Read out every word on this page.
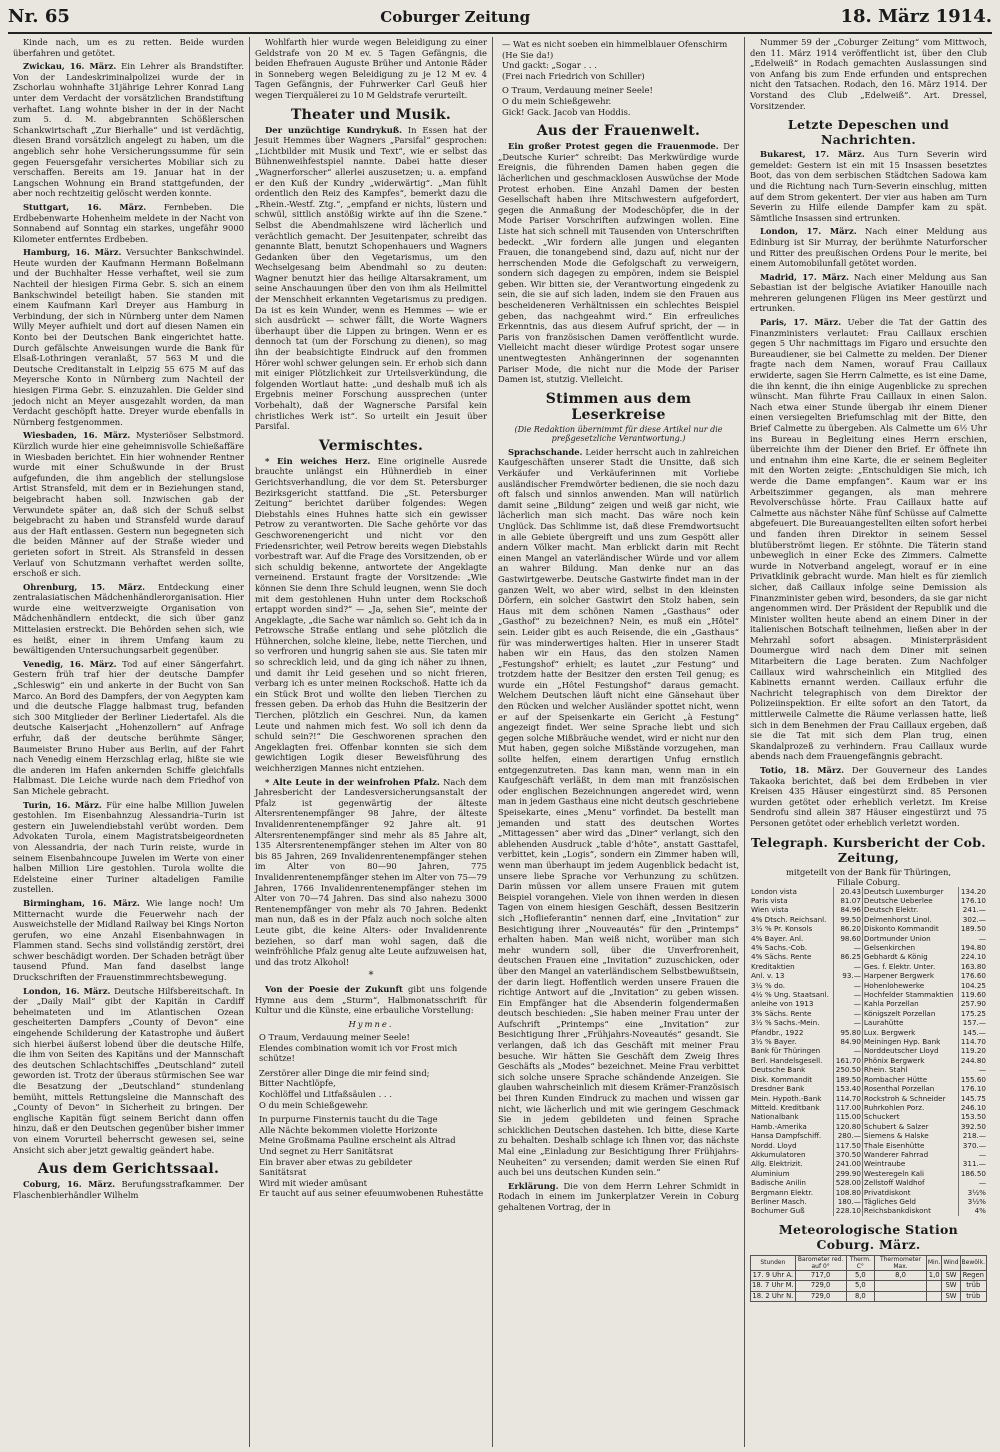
Nr. 65	Coburger Zeitung	18. März 1914.

Kinde nach, um es zu retten. Beide wurden überfahren und getötet.

Zwickau, 16. März. Ein Lehrer als Brandstifter. Von der Landeskriminalpolizei wurde der in Zschorlau wohnhafte 31jährige Lehrer Konrad Lang unter dem Verdacht der vorsätzlichen Brandstiftung verhaftet. Lang wohnte bisher in der in der Nacht zum 5. d. M. abgebrannten Schößlerschen Schankwirtschaft „Zur Bierhalle“ und ist verdächtig, diesen Brand vorsätzlich angelegt zu haben, um die angeblich sehr hohe Versicherungssumme für sein gegen Feuersgefahr versichertes Mobiliar sich zu verschaffen. Bereits am 19. Januar hat in der Langschen Wohnung ein Brand stattgefunden, der aber noch rechtzeitig gelöscht werden konnte.

Stuttgart, 16. März. Fernbeben. Die Erdbebenwarte Hohenheim meldete in der Nacht von Sonnabend auf Sonntag ein starkes, ungefähr 9000 Kilometer entferntes Erdbeben.

Hamburg, 16. März. Versuchter Bankschwindel. Heute wurden der Kaufmann Hermann Boßelmann und der Buchhalter Hesse verhaftet, weil sie zum Nachteil der hiesigen Firma Gebr. S. sich an einem Bankschwindel beteiligt haben. Sie standen mit einem Kaufmann Karl Dreyer aus Hamburg in Verbindung, der sich in Nürnberg unter dem Namen Willy Meyer aufhielt und dort auf diesen Namen ein Konto bei der Deutschen Bank eingerichtet hatte. Durch gefälschte Anweisungen wurde die Bank für Elsaß-Lothringen veranlaßt, 57 563 M und die Deutsche Creditanstalt in Leipzig 55 675 M auf das Meyersche Konto in Nürnberg zum Nachteil der hiesigen Firma Gebr. S. einzuzahlen. Die Gelder sind jedoch nicht an Meyer ausgezahlt worden, da man Verdacht geschöpft hatte. Dreyer wurde ebenfalls in Nürnberg festgenommen.

Wiesbaden, 16. März. Mysteriöser Selbstmord. Kürzlich wurde hier eine geheimnisvolle Schießaffäre in Wiesbaden berichtet. Ein hier wohnender Rentner wurde mit einer Schußwunde in der Brust aufgefunden, die ihm angeblich der stellungslose Artist Stransfeld, mit dem er in Beziehungen stand, beigebracht haben soll. Inzwischen gab der Verwundete später an, daß sich der Schuß selbst beigebracht zu haben und Stransfeld wurde darauf aus der Haft entlassen. Gestern nun begegneten sich die beiden Männer auf der Straße wieder und gerieten sofort in Streit. Als Stransfeld in dessen Verlauf von Schutzmann verhaftet werden sollte, erschoß er sich.

Ohrenburg, 15. März. Entdeckung einer zentralasiatischen Mädchenhändlerorganisation. Hier wurde eine weitverzweigte Organisation von Mädchenhändlern entdeckt, die sich über ganz Mittelasien erstreckt. Die Behörden sehen sich, wie es heißt, einer in ihrem Umfang kaum zu bewältigenden Untersuchungsarbeit gegenüber.

Venedig, 16. März. Tod auf einer Sängerfahrt. Gestern früh traf hier der deutsche Dampfer „Schleswig“ ein und ankerte in der Bucht von San Marco. An Bord des Dampfers, der von Aegypten kam und die deutsche Flagge halbmast trug, befanden sich 300 Mitglieder der Berliner Liedertafel. Als die deutsche Kaiserjacht „Hohenzollern“ auf Anfrage erfuhr, daß der deutsche berühmte Sänger, Baumeister Bruno Huber aus Berlin, auf der Fahrt nach Venedig einem Herzschlag erlag, hißte sie wie die anderen im Hafen ankernden Schiffe gleichfalls Halbmast. Die Leiche wurde nach dem Friedhof von San Michele gebracht.

Turin, 16. März. Für eine halbe Million Juwelen gestohlen. Im Eisenbahnzug Alessandria–Turin ist gestern ein Juwelendiebstahl verübt worden. Dem Advokaten Turola, einem Magistratsbeigeordneten von Alessandria, der nach Turin reiste, wurde in seinem Eisenbahncoupe Juwelen im Werte von einer halben Million Lire gestohlen. Turola wollte die Edelsteine einer Turiner altadeligen Familie zustellen.

Birmingham, 16. März. Wie lange noch! Um Mitternacht wurde die Feuerwehr nach der Ausweichstelle der Midland Railway bei Kings Norton gerufen, wo eine Anzahl Eisenbahnwagen in Flammen stand. Sechs sind vollständig zerstört, drei schwer beschädigt worden. Der Schaden beträgt über tausend Pfund. Man fand daselbst lange Druckschriften der Frauenstimmrechtsbewegung.

London, 16. März. Deutsche Hilfsbereitschaft. In der „Daily Mail“ gibt der Kapitän in Cardiff beheimateten und im Atlantischen Ozean gescheiterten Dampfers „County of Devon“ eine eingehende Schilderung der Katastrophe und äußert sich hierbei äußerst lobend über die deutsche Hilfe, die ihm von Seiten des Kapitäns und der Mannschaft des deutschen Schlachtschiffes „Deutschland“ zuteil geworden ist. Trotz der überaus stürmischen See war die Besatzung der „Deutschland“ stundenlang bemüht, mittels Rettungsleine die Mannschaft des „County of Devon“ in Sicherheit zu bringen. Der englische Kapitän fügt seinem Bericht dann offen hinzu, daß er den Deutschen gegenüber bisher immer von einem Vorurteil beherrscht gewesen sei, seine Ansicht sich aber jetzt gewaltig geändert habe.

Aus dem Gerichtssaal.

Coburg, 16. März. Berufungsstrafkammer. Der Flaschenbierhändler Wilhelm

Wohlfarth hier wurde wegen Beleidigung zu einer Geldstrafe von 20 M ev. 5 Tagen Gefängnis, die beiden Ehefrauen Auguste Brüher und Antonie Räder in Sonneberg wegen Beleidigung zu je 12 M ev. 4 Tagen Gefängnis, der Fuhrwerker Carl Geuß hier wegen Tierquälerei zu 10 M Geldstrafe verurteilt.

Theater und Musik.

Der unzüchtige Kundrykuß. In Essen hat der Jesuit Hemmes über Wagners „Parsifal“ gesprochen: „Lichtbilder mit Musik und Text“, wie er selbst das Bühnenweihfestspiel nannte. Dabei hatte dieser „Wagnerforscher“ allerlei auszusetzen; u. a. empfand er den Kuß der Kundry „widerwärtig“. „Man fühlt ordentlich den Reiz des Kampfes“, bemerkt dazu die „Rhein.-Westf. Ztg.“, „empfand er nichts, lüstern und schwül, sittlich anstößig wirkte auf ihn die Szene.“ Selbst die Abendmahlszene wird lächerlich und verächtlich gemacht. Der Jesuitenpater, schreibt das genannte Blatt, benutzt Schopenhauers und Wagners Gedanken über den Vegetarismus, um den Wechselgesang beim Abendmahl so zu deuten: Wagner benutzt hier das heilige Altarsakrament, um seine Anschauungen über den von ihm als Heilmittel der Menschheit erkannten Vegetarismus zu predigen. Da ist es kein Wunder, wenn es Hemmes — wie er sich ausdrückt — schwer fällt, die Worte Wagners überhaupt über die Lippen zu bringen. Wenn er es dennoch tat (um der Forschung zu dienen), so mag ihn der beabsichtigte Eindruck auf den frommen Hörer wohl schwer gelungen sein. Er erhob sich dann mit einiger Plötzlichkeit zur Urteilsverkündung, die folgenden Wortlaut hatte: „und deshalb muß ich als Ergebnis meiner Forschung aussprechen (unter Vorbehalt), daß der Wagnersche Parsifal kein christliches Werk ist“. So urteilt ein Jesuit über Parsifal.

Vermischtes.

* Ein weiches Herz. Eine originelle Ausrede brauchte unlängst ein Hühnerdieb in einer Gerichtsverhandlung, die vor dem St. Petersburger Bezirksgericht stattfand. Die „St. Petersburger Zeitung“ berichtet darüber folgendes: Wegen Diebstahls eines Huhnes hatte sich ein gewisser Petrow zu verantworten. Die Sache gehörte vor das Geschworenengericht und nicht vor den Friedensrichter, weil Petrow bereits wegen Diebstahls vorbestraft war. Auf die Frage des Vorsitzenden, ob er sich schuldig bekenne, antwortete der Angeklagte verneinend. Erstaunt fragte der Vorsitzende: „Wie können Sie denn Ihre Schuld leugnen, wenn Sie doch mit dem gestohlenen Huhn unter dem Rockschoß ertappt worden sind?“ — „Ja, sehen Sie“, meinte der Angeklagte, „die Sache war nämlich so. Geht ich da in Petrowsche Straße entlang und sehe plötzlich die Hühnerchen, solche kleine, liebe, nette Tierchen, und so verfroren und hungrig sahen sie aus. Sie taten mir so schrecklich leid, und da ging ich näher zu ihnen, und damit ihr Leid gesehen und so nicht frieren, verbarg ich es unter meinen Rockschoß. Hatte ich da ein Stück Brot und wollte den lieben Tierchen zu fressen geben. Da erhob das Huhn die Besitzerin der Tierchen, plötzlich ein Geschrei. Nun, da kamen Leute und nahmen mich fest. Wo soll ich denn da schuld sein?!“ Die Geschworenen sprachen den Angeklagten frei. Offenbar konnten sie sich dem gewichtigen Logik dieser Beweisführung des weichherzigen Mannes nicht entziehen.

* Alte Leute in der weinfrohen Pfalz. Nach dem Jahresbericht der Landesversicherungsanstalt der Pfalz ist gegenwärtig der älteste Altersrentenempfänger 98 Jahre, der älteste Invalidenrentenempfänger 92 Jahre alt. 91 Altersrentenempfänger sind mehr als 85 Jahre alt, 135 Altersrentenempfänger stehen im Alter von 80 bis 85 Jahren, 269 Invalidenrentenempfänger stehen im Alter von 80—90 Jahren, 775 Invalidenrentenempfänger stehen im Alter von 75—79 Jahren, 1766 Invalidenrentenempfänger stehen im Alter von 70—74 Jahren. Das sind also nahezu 3000 Rentenempfänger von mehr als 70 Jahren. Bedenkt man nun, daß es in der Pfalz auch noch solche alten Leute gibt, die keine Alters- oder Invalidenrente beziehen, so darf man wohl sagen, daß die weinfröhliche Pfalz genug alte Leute aufzuweisen hat, und das trotz Alkohol!

*

Von der Poesie der Zukunft gibt uns folgende Hymne aus dem „Sturm“, Halbmonatsschrift für Kultur und die Künste, eine erbauliche Vorstellung:

Hymne.
O Traum, Verdauung meiner Seele!
Elendes combination womit ich vor Frost mich schütze!
Zerstörer aller Dinge die mir feind sind;
Bitter Nachtlöpfe,
Kochlöffel und Litfaßsäulen . . .
O du mein Schießgewehr.
In purpurne Finsternis taucht du die Tage
Alle Nächte bekommen violette Horizonte
Meine Großmama Pauline erscheint als Altrad
Und segnet zu Herr Sanitätsrat
Ein braver aber etwas zu gebildeter
Sanitätsrat
Wird mit wieder amüsant
Er taucht auf aus seiner efeuumwobenen Ruhestätte
— Wat es nicht soeben ein himmelblauer Ofenschirm
(He Sie da!)
Und gackt: „Sogar . . .
(Frei nach Friedrich von Schiller)
O Traum, Verdauung meiner Seele!
O du mein Schießgewehr.
Gick! Gack. Jacob van Hoddis.
Aus der Frauenwelt.

Ein großer Protest gegen die Frauenmode. Der „Deutsche Kurier“ schreibt: Das Merkwürdige wurde Ereignis, die führenden Damen haben gegen die lächerlichen und geschmacklosen Auswüchse der Mode Protest erhoben. Eine Anzahl Damen der besten Gesellschaft haben ihre Mitschwestern aufgefordert, gegen die Anmaßung der Modeschöpfer, die in der Mode Pariser Vorschriften aufzwingen wollen. Eine Liste hat sich schnell mit Tausenden von Unterschriften bedeckt. „Wir fordern alle jungen und eleganten Frauen, die tonangebend sind, dazu auf, nicht nur der herrschenden Mode die Gefolgschaft zu verweigern, sondern sich dagegen zu empören, indem sie Beispiel geben. Wir bitten sie, der Verantwortung eingedenk zu sein, die sie auf sich laden, indem sie den Frauen aus bescheideneren Verhältnissen ein schlechtes Beispiel geben, das nachgeahmt wird.“ Ein erfreuliches Erkenntnis, das aus diesem Aufruf spricht, der — in Paris von französischen Damen veröffentlicht wurde. Vielleicht macht dieser würdige Protest sogar unsere unentwegtesten Anhängerinnen der sogenannten Pariser Mode, die nicht nur die Mode der Pariser Damen ist, stutzig. Vielleicht.

Stimmen aus dem Leserkreise
(Die Redaktion übernimmt für diese Artikel nur die preßgesetzliche Verantwortung.)

Sprachschande. Leider herrscht auch in zahlreichen Kaufgeschäften unserer Stadt die Unsitte, daß sich Verkäufer und Verkäuferinnen mit Vorliebe ausländischer Fremdwörter bedienen, die sie noch dazu oft falsch und sinnlos anwenden. Man will natürlich damit seine „Bildung“ zeigen und weiß gar nicht, wie lächerlich man sich macht. Das wäre noch kein Unglück. Das Schlimme ist, daß diese Fremdwortsucht in alle Gebiete übergreift und uns zum Gespött aller andern Völker macht. Man erblickt darin mit Recht einen Mangel an vaterländischer Würde und vor allem an wahrer Bildung. Man denke nur an das Gastwirtgewerbe. Deutsche Gastwirte findet man in der ganzen Welt, wo aber wird, selbst in den kleinsten Dörfern, ein solcher Gastwirt den Stolz haben, sein Haus mit dem schönen Namen „Gasthaus“ oder „Gasthof“ zu bezeichnen? Nein, es muß ein „Hôtel“ sein. Leider gibt es auch Reisende, die ein „Gasthaus“ für was minderwertiges halten. Hier in unserer Stadt haben wir ein Haus, das den stolzen Namen „Festungshof“ erhielt; es lautet „zur Festung“ und trotzdem hatte der Besitzer den ersten Teil genug; es wurde ein „Hôtel Festungshof“ daraus gemacht. Welchem Deutschen läuft nicht eine Gänsehaut über den Rücken und welcher Ausländer spottet nicht, wenn er auf der Speisenkarte ein Gericht „à Festung“ angezeigt findet. Wer seine Sprache liebt und sich gegen solche Mißbräuche wendet, wird er nicht nur den Mut haben, gegen solche Mißstände vorzugehen, man sollte helfen, einem derartigen Unfug ernstlich entgegenzutreten. Das kann man, wenn man in ein Kaufgeschäft verläßt, in dem man mit französischen oder englischen Bezeichnungen angeredet wird, wenn man in jedem Gasthaus eine nicht deutsch geschriebene Speisekarte, eines „Menu“ vorfindet. Da bestellt man jemanden und statt des deutschen Wortes „Mittagessen“ aber wird das „Diner“ verlangt, sich den ablehenden Ausdruck „table d’hôte“, anstatt Gasttafel, verbittet, kein „Logis“, sondern ein Zimmer haben will, wenn man überhaupt im jedem Augenblick bedacht ist, unsere liebe Sprache vor Verhunzung zu schützen. Darin müssen vor allem unsere Frauen mit gutem Beispiel vorangehen. Viele von ihnen werden in diesen Tagen von einem hiesigen Geschäft, dessen Besitzerin sich „Hoflieferantin“ nennen darf, eine „Invitation“ zur Besichtigung ihrer „Nouveautés“ für den „Printemps“ erhalten haben. Man weiß nicht, worüber man sich mehr wundern soll, über die Unverfrorenheit, deutschen Frauen eine „Invitation“ zuzuschicken, oder über den Mangel an vaterländischem Selbstbewußtsein, der darin liegt. Hoffentlich werden unsere Frauen die richtige Antwort auf die „Invitation“ zu geben wissen. Ein Empfänger hat die Absenderin folgendermaßen deutsch beschieden: „Sie haben meiner Frau unter der Aufschrift „Printemps“ eine „Invitation“ zur Besichtigung Ihrer „Frühjahrs-Noveautés“ gesandt. Sie verlangen, daß ich das Geschäft mit meiner Frau besuche. Wir hätten Sie Geschäft dem Zweig Ihres Geschäfts als „Modes“ bezeichnet. Meine Frau verbittet sich solche unsere Sprache schändende Anzeigen. Sie glauben wahrscheinlich mit diesem Krämer-Französisch bei Ihren Kunden Eindruck zu machen und wissen gar nicht, wie lächerlich und mit wie geringem Geschmack Sie in jedem gebildeten und feinen Sprache schicklichen Deutschen dastehen. Ich bitte, diese Karte zu behalten. Deshalb schlage ich Ihnen vor, das nächste Mal eine „Einladung zur Besichtigung Ihrer Frühjahrs-Neuheiten“ zu versenden; damit werden Sie einen Ruf auch bei uns deutschen Kunden sein.“

Erklärung. Die von dem Herrn Lehrer Schmidt in Rodach in einem im Junkerplatzer Verein in Coburg gehaltenen Vortrag, der in

Nummer 59 der „Coburger Zeitung“ vom Mittwoch, den 11. März 1914 veröffentlicht ist, über den Club „Edelweiß“ in Rodach gemachten Auslassungen sind von Anfang bis zum Ende erfunden und entsprechen nicht den Tatsachen. Rodach, den 16. März 1914. Der Vorstand des Club „Edelweiß“. Art. Dressel, Vorsitzender.

Letzte Depeschen und Nachrichten.

Bukarest, 17. März. Aus Turn Severin wird gemeldet: Gestern ist ein mit 15 Insassen besetztes Boot, das von dem serbischen Städtchen Sadowa kam und die Richtung nach Turn-Severin einschlug, mitten auf dem Strom gekentert. Der vier aus haben am Turn Severin zu Hilfe eilende Dampfer kam zu spät. Sämtliche Insassen sind ertrunken.

London, 17. März. Nach einer Meldung aus Edinburg ist Sir Murray, der berühmte Naturforscher und Ritter des preußischen Ordens Pour le merite, bei einem Automobilunfall getötet worden.

Madrid, 17. März. Nach einer Meldung aus San Sebastian ist der belgische Aviatiker Hanouille nach mehreren gelungenen Flügen ins Meer gestürzt und ertrunken.

Paris, 17. März. Ueber die Tat der Gattin des Finanzministers verlautet: Frau Caillaux erschien gegen 5 Uhr nachmittags im Figaro und ersuchte den Bureaudiener, sie bei Calmette zu melden. Der Diener fragte nach dem Namen, worauf Frau Caillaux erwiderte, sagen Sie Herrn Calmette, es ist eine Dame, die ihn kennt, die ihn einige Augenblicke zu sprechen wünscht. Man führte Frau Caillaux in einen Salon. Nach etwa einer Stunde übergab ihr einem Diener einen versiegelten Briefumschlag mit der Bitte, den Brief Calmette zu übergeben. Als Calmette um 6½ Uhr ins Bureau in Begleitung eines Herrn erschien, überreichte ihm der Diener den Brief. Er öffnete ihn und entnahm ihm eine Karte, die er seinem Begleiter mit den Worten zeigte: „Entschuldigen Sie mich, ich werde die Dame empfangen“. Kaum war er ins Arbeitszimmer gegangen, als man mehrere Revolverschüsse hörte. Frau Caillaux hatte auf Calmette aus nächster Nähe fünf Schüsse auf Calmette abgefeuert. Die Bureauangestellten eilten sofort herbei und fanden ihren Direktor in seinem Sessel blutüberströmt liegen. Er stöhnte. Die Täterin stand unbeweglich in einer Ecke des Zimmers. Calmette wurde in Notverband angelegt, worauf er in eine Privatklinik gebracht wurde. Man hielt es für ziemlich sicher, daß Caillaux infolge seine Demission als Finanzminister geben wird, besonders, da sie gar nicht angenommen wird. Der Präsident der Republik und die Minister wollten heute abend an einem Diner in der italienischen Botschaft teilnehmen, ließen aber in der Mehrzahl sofort absagen. Ministerpräsident Doumergue wird nach dem Diner mit seinen Mitarbeitern die Lage beraten. Zum Nachfolger Caillaux wird wahrscheinlich ein Mitglied des Kabinetts ernannt werden. Caillaux erfuhr die Nachricht telegraphisch von dem Direktor der Polizeiinspektion. Er eilte sofort an den Tatort, da mittlerweile Calmette die Räume verlassen hatte, ließ sich in dem Benehmen der Frau Caillaux ergeben, daß sie die Tat mit sich dem Plan trug, einen Skandalprozeß zu verhindern. Frau Caillaux wurde abends nach dem Frauengefängnis gebracht.

Totio, 18. März. Der Gouverneur des Landes Takaoka berichtet, daß bei dem Erdbeben in vier Kreisen 435 Häuser eingestürzt sind. 85 Personen wurden getötet oder erheblich verletzt. Im Kreise Sendrofu sind allein 387 Häuser eingestürzt und 75 Personen getötet oder erheblich verletzt worden.

Telegraph. Kursbericht der Cob. Zeitung,
mitgeteilt von der Bank für Thüringen,
Filiale Coburg.
London vista	20.43	Deutsch Luxemburger	134.20
Paris vista	81.07	Deutsche Ueberlee	176.10
Wien vista	84.96	Deutsch Elektr.	241.—
4% Dtsch. Reichsanl.	99.50	Delmenhorst Linol.	302.—
3½ % Pr. Konsols	86.20	Diskonto Kommandit	189.50
4% Bayer. Anl.	98.60	Dortmunder Union	—
4% Sachs.-Cob.	—	Gelsenkirchen	194.80
4% Sächs. Rente	86.25	Gebhardt & König	224.10
Kreditaktien	—	Ges. f. Elektr. Unter.	163.80
Anl. v. 13	93.—	Harpener Bergwerk	176.60
3½ % do.	—	Hohenlohewerke	104.25
4½ % Ung. Staatsanl.	—	Hochfelder Stammaktien	119.60
anleihe von 1913	—	Kahla Porzellan	257.90
3% Sächs. Rente	—	Königszelt Porzellan	175.25
3½ % Sachs.-Mein.	—	Laurahütte	157.—
Pfandbr., 1922	95.80	Lux. Bergwerk	145.—
3½ % Bayer.	84.90	Meiningen Hyp. Bank	114.70
Bank für Thüringen	—	Norddeutscher Lloyd	119.20
Berl. Handelsgesell.	161.70	Phönix Bergwerk	244.80
Deutsche Bank	250.50	Rhein. Stahl	—
Disk. Kommandit	189.50	Rombacher Hütte	155.60
Dresdner Bank	153.40	Rosenthal Porzellan	176.10
Mein. Hypoth.-Bank	114.70	Rockstroh & Schneider	145.75
Mitteld. Kreditbank	117.00	Ruhrkohlen Porz.	246.10
Nationalbank	115.00	Schuckert	153.50
Hamb.-Amerika	120.80	Schubert & Salzer	392.50
Hansa Dampfschiff.	280.—	Siemens & Halske	218.—
Nordd. Lloyd	117.50	Thale Eisenhütte	370.—
Akkumulatoren	370.50	Wanderer Fahrrad	—
Allg. Elektrizit.	241.00	Weintraube	311.—
Aluminium	299.90	Westeregeln Kali	186.50
Badische Anilin	528.00	Zellstoff Waldhof	—
Bergmann Elektr.	108.80	Privatdiskont	3½%
Berliner Masch.	180.—	Tägliches Geld	3½%
Bochumer Guß	228.10	Reichsbankdiskont	4%
Meteorologische Station Coburg. März.
Stunden	Barometer red. auf 0°	Therm. C°	Thermometer Max.	Min.	Wind	Bewölk.
17. 9 Uhr A.	717,0	5,0	8,0	1,0	SW	Regen
18. 7 Uhr M.	729,0	5,0			SW	trüb
18. 2 Uhr N.	729,0	8,0			SW	trüb
